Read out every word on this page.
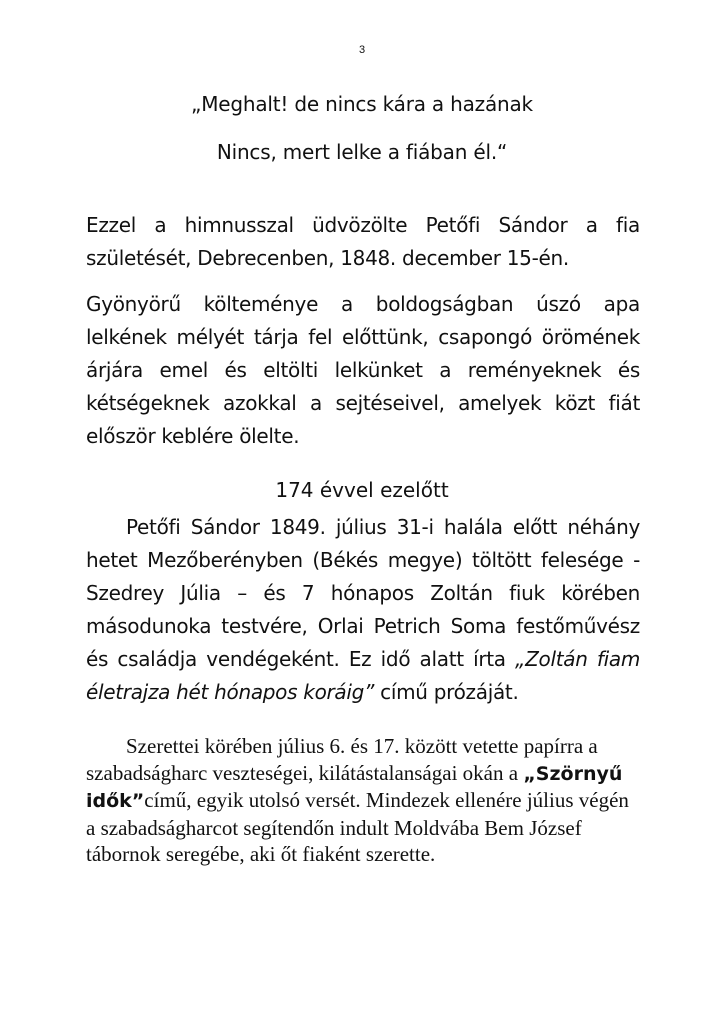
3
„Meghalt! de nincs kára a hazának
Nincs, mert lelke a fiában él.“

Ezzel a himnusszal üdvözölte Petőfi Sándor a fia születését, Debrecenben, 1848. december 15-én.

Gyönyörű költeménye a boldogságban úszó apa lelkének mélyét tárja fel előttünk, csapongó örömének árjára emel és eltölti lelkünket a reményeknek és kétségeknek azokkal a sejtéseivel, amelyek közt fiát először keblére ölelte.

174 évvel ezelőtt

Petőfi Sándor 1849. július 31-i halála előtt néhány hetet Mezőberényben (Békés megye) töltött felesége - Szedrey Júlia – és 7 hónapos Zoltán fiuk körében másodunoka testvére, Orlai Petrich Soma festőművész és családja vendégeként. Ez idő alatt írta „Zoltán fiam életrajza hét hónapos koráig” című prózáját.

Szerettei körében július 6. és 17. között vetette papírra a szabadságharc veszteségei, kilátástalanságai okán a „Szörnyű idők”című, egyik utolsó versét. Mindezek ellenére július végén a szabadságharcot segítendőn indult Moldvába Bem József tábornok seregébe, aki őt fiaként szerette.
